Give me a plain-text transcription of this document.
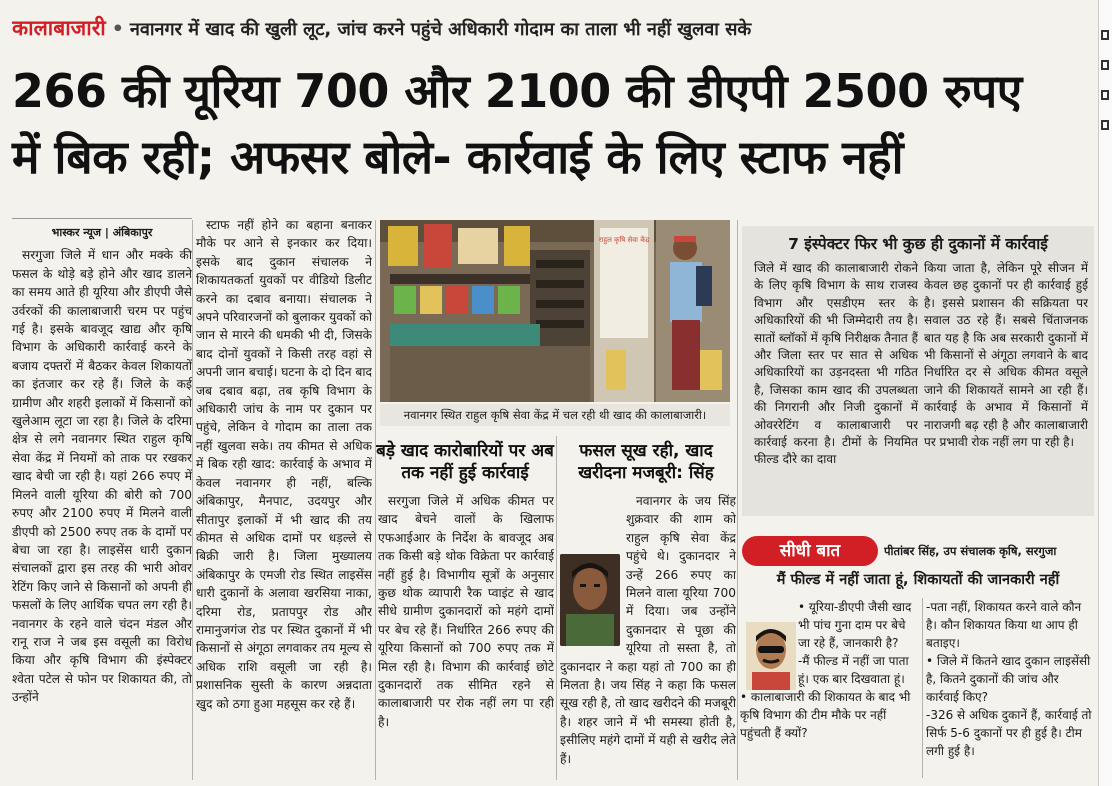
कालाबाजारी • नवानगर में खाद की खुली लूट, जांच करने पहुंचे अधिकारी गोदाम का ताला भी नहीं खुलवा सके
266 की यूरिया 700 और 2100 की डीएपी 2500 रुपए
में बिक रही; अफसर बोले- कार्रवाई के लिए स्टाफ नहीं
भास्कर न्यूज | अंबिकापुर

सरगुजा जिले में धान और मक्के की फसल के थोड़े बड़े होने और खाद डालने का समय आते ही यूरिया और डीएपी जैसे उर्वरकों की कालाबाजारी चरम पर पहुंच गई है। इसके बावजूद खाद्य और कृषि विभाग के अधिकारी कार्रवाई करने के बजाय दफ्तरों में बैठकर केवल शिकायतों का इंतजार कर रहे हैं। जिले के कई ग्रामीण और शहरी इलाकों में किसानों को खुलेआम लूटा जा रहा है। जिले के दरिमा क्षेत्र से लगे नवानगर स्थित राहुल कृषि सेवा केंद्र में नियमों को ताक पर रखकर खाद बेची जा रही है। यहां 266 रुपए में मिलने वाली यूरिया की बोरी को 700 रुपए और 2100 रुपए में मिलने वाली डीएपी को 2500 रुपए तक के दामों पर बेचा जा रहा है। लाइसेंस धारी दुकान संचालकों द्वारा इस तरह की भारी ओवर रेटिंग किए जाने से किसानों को अपनी ही फसलों के लिए आर्थिक चपत लग रही है। नवानगर के रहने वाले चंदन मंडल और रानू राज ने जब इस वसूली का विरोध किया और कृषि विभाग की इंस्पेक्टर श्वेता पटेल से फोन पर शिकायत की, तो उन्होंने

स्टाफ नहीं होने का बहाना बनाकर मौके पर आने से इनकार कर दिया। इसके बाद दुकान संचालक ने शिकायतकर्ता युवकों पर वीडियो डिलीट करने का दबाव बनाया। संचालक ने अपने परिवारजनों को बुलाकर युवकों को जान से मारने की धमकी भी दी, जिसके बाद दोनों युवकों ने किसी तरह वहां से अपनी जान बचाई। घटना के दो दिन बाद जब दबाव बढ़ा, तब कृषि विभाग के अधिकारी जांच के नाम पर दुकान पर पहुंचे, लेकिन वे गोदाम का ताला तक नहीं खुलवा सके। तय कीमत से अधिक में बिक रही खाद: कार्रवाई के अभाव में केवल नवानगर ही नहीं, बल्कि अंबिकापुर, मैनपाट, उदयपुर और सीतापुर इलाकों में भी खाद की तय कीमत से अधिक दामों पर धड़ल्ले से बिक्री जारी है। जिला मुख्यालय अंबिकापुर के एमजी रोड स्थित लाइसेंस धारी दुकानों के अलावा खरसिया नाका, दरिमा रोड, प्रतापपुर रोड और रामानुजगंज रोड पर स्थित दुकानों में भी किसानों से अंगूठा लगवाकर तय मूल्य से अधिक राशि वसूली जा रही है। प्रशासनिक सुस्ती के कारण अन्नदाता खुद को ठगा हुआ महसूस कर रहे हैं।

राहुल कृषि सेवा केंद्र
नवानगर स्थित राहुल कृषि सेवा केंद्र में चल रही थी खाद की कालाबाजारी।
बड़े खाद कारोबारियों पर अब तक नहीं हुई कार्रवाई
फसल सूख रही, खाद खरीदना मजबूरी: सिंह

सरगुजा जिले में अधिक कीमत पर खाद बेचने वालों के खिलाफ एफआईआर के निर्देश के बावजूद अब तक किसी बड़े थोक विक्रेता पर कार्रवाई नहीं हुई है। विभागीय सूत्रों के अनुसार कुछ थोक व्यापारी रैक प्वाइंट से खाद सीधे ग्रामीण दुकानदारों को महंगे दामों पर बेच रहे हैं। निर्धारित 266 रुपए की यूरिया किसानों को 700 रुपए तक में मिल रही है। विभाग की कार्रवाई छोटे दुकानदारों तक सीमित रहने से कालाबाजारी पर रोक नहीं लग पा रही है।

नवानगर के जय सिंह शुक्रवार की शाम को राहुल कृषि सेवा केंद्र पहुंचे थे। दुकानदार ने उन्हें 266 रुपए का मिलने वाला यूरिया 700 में दिया। जब उन्होंने दुकानदार से पूछा की यूरिया तो सस्ता है, तो दुकानदार ने कहा यहां तो 700 का ही मिलता है। जय सिंह ने कहा कि फसल सूख रही है, तो खाद खरीदने की मजबूरी है। शहर जाने में भी समस्या होती है, इसीलिए महंगे दामों में यही से खरीद लेते हैं।

7 इंस्पेक्टर फिर भी कुछ ही दुकानों में कार्रवाई
जिले में खाद की कालाबाजारी रोकने के लिए कृषि विभाग के साथ राजस्व विभाग और एसडीएम स्तर के अधिकारियों की भी जिम्मेदारी तय है। सातों ब्लॉकों में कृषि निरीक्षक तैनात हैं और जिला स्तर पर सात से अधिक अधिकारियों का उड़नदस्ता भी गठित है, जिसका काम खाद की उपलब्धता की निगरानी और निजी दुकानों में ओवररेटिंग व कालाबाजारी पर कार्रवाई करना है। टीमों के नियमित फील्ड दौरे का दावा
किया जाता है, लेकिन पूरे सीजन में केवल छह दुकानों पर ही कार्रवाई हुई है। इससे प्रशासन की सक्रियता पर सवाल उठ रहे हैं। सबसे चिंताजनक बात यह है कि अब सरकारी दुकानों में भी किसानों से अंगूठा लगवाने के बाद निर्धारित दर से अधिक कीमत वसूले जाने की शिकायतें सामने आ रही हैं। कार्रवाई के अभाव में किसानों में नाराजगी बढ़ रही है और कालाबाजारी पर प्रभावी रोक नहीं लग पा रही है।
सीधी बात	पीतांबर सिंह, उप संचालक कृषि, सरगुजा
मैं फील्ड में नहीं जाता हूं, शिकायतों की जानकारी नहीं
• यूरिया-डीएपी जैसी खाद भी पांच गुना दाम पर बेचे जा रहे हैं, जानकारी है?
-मैं फील्ड में नहीं जा पाता हूं। एक बार दिखवाता हूं।
• कालाबाजारी की शिकायत के बाद भी कृषि विभाग की टीम मौके पर नहीं पहुंचती हैं क्यों?
-पता नहीं, शिकायत करने वाले कौन है। कौन शिकायत किया था आप ही बताइए।
• जिले में कितने खाद दुकान लाइसेंसी है, कितने दुकानों की जांच और कार्रवाई किए?
-326 से अधिक दुकानें हैं, कार्रवाई तो सिर्फ 5-6 दुकानों पर ही हुई है। टीम लगी हुई है।
